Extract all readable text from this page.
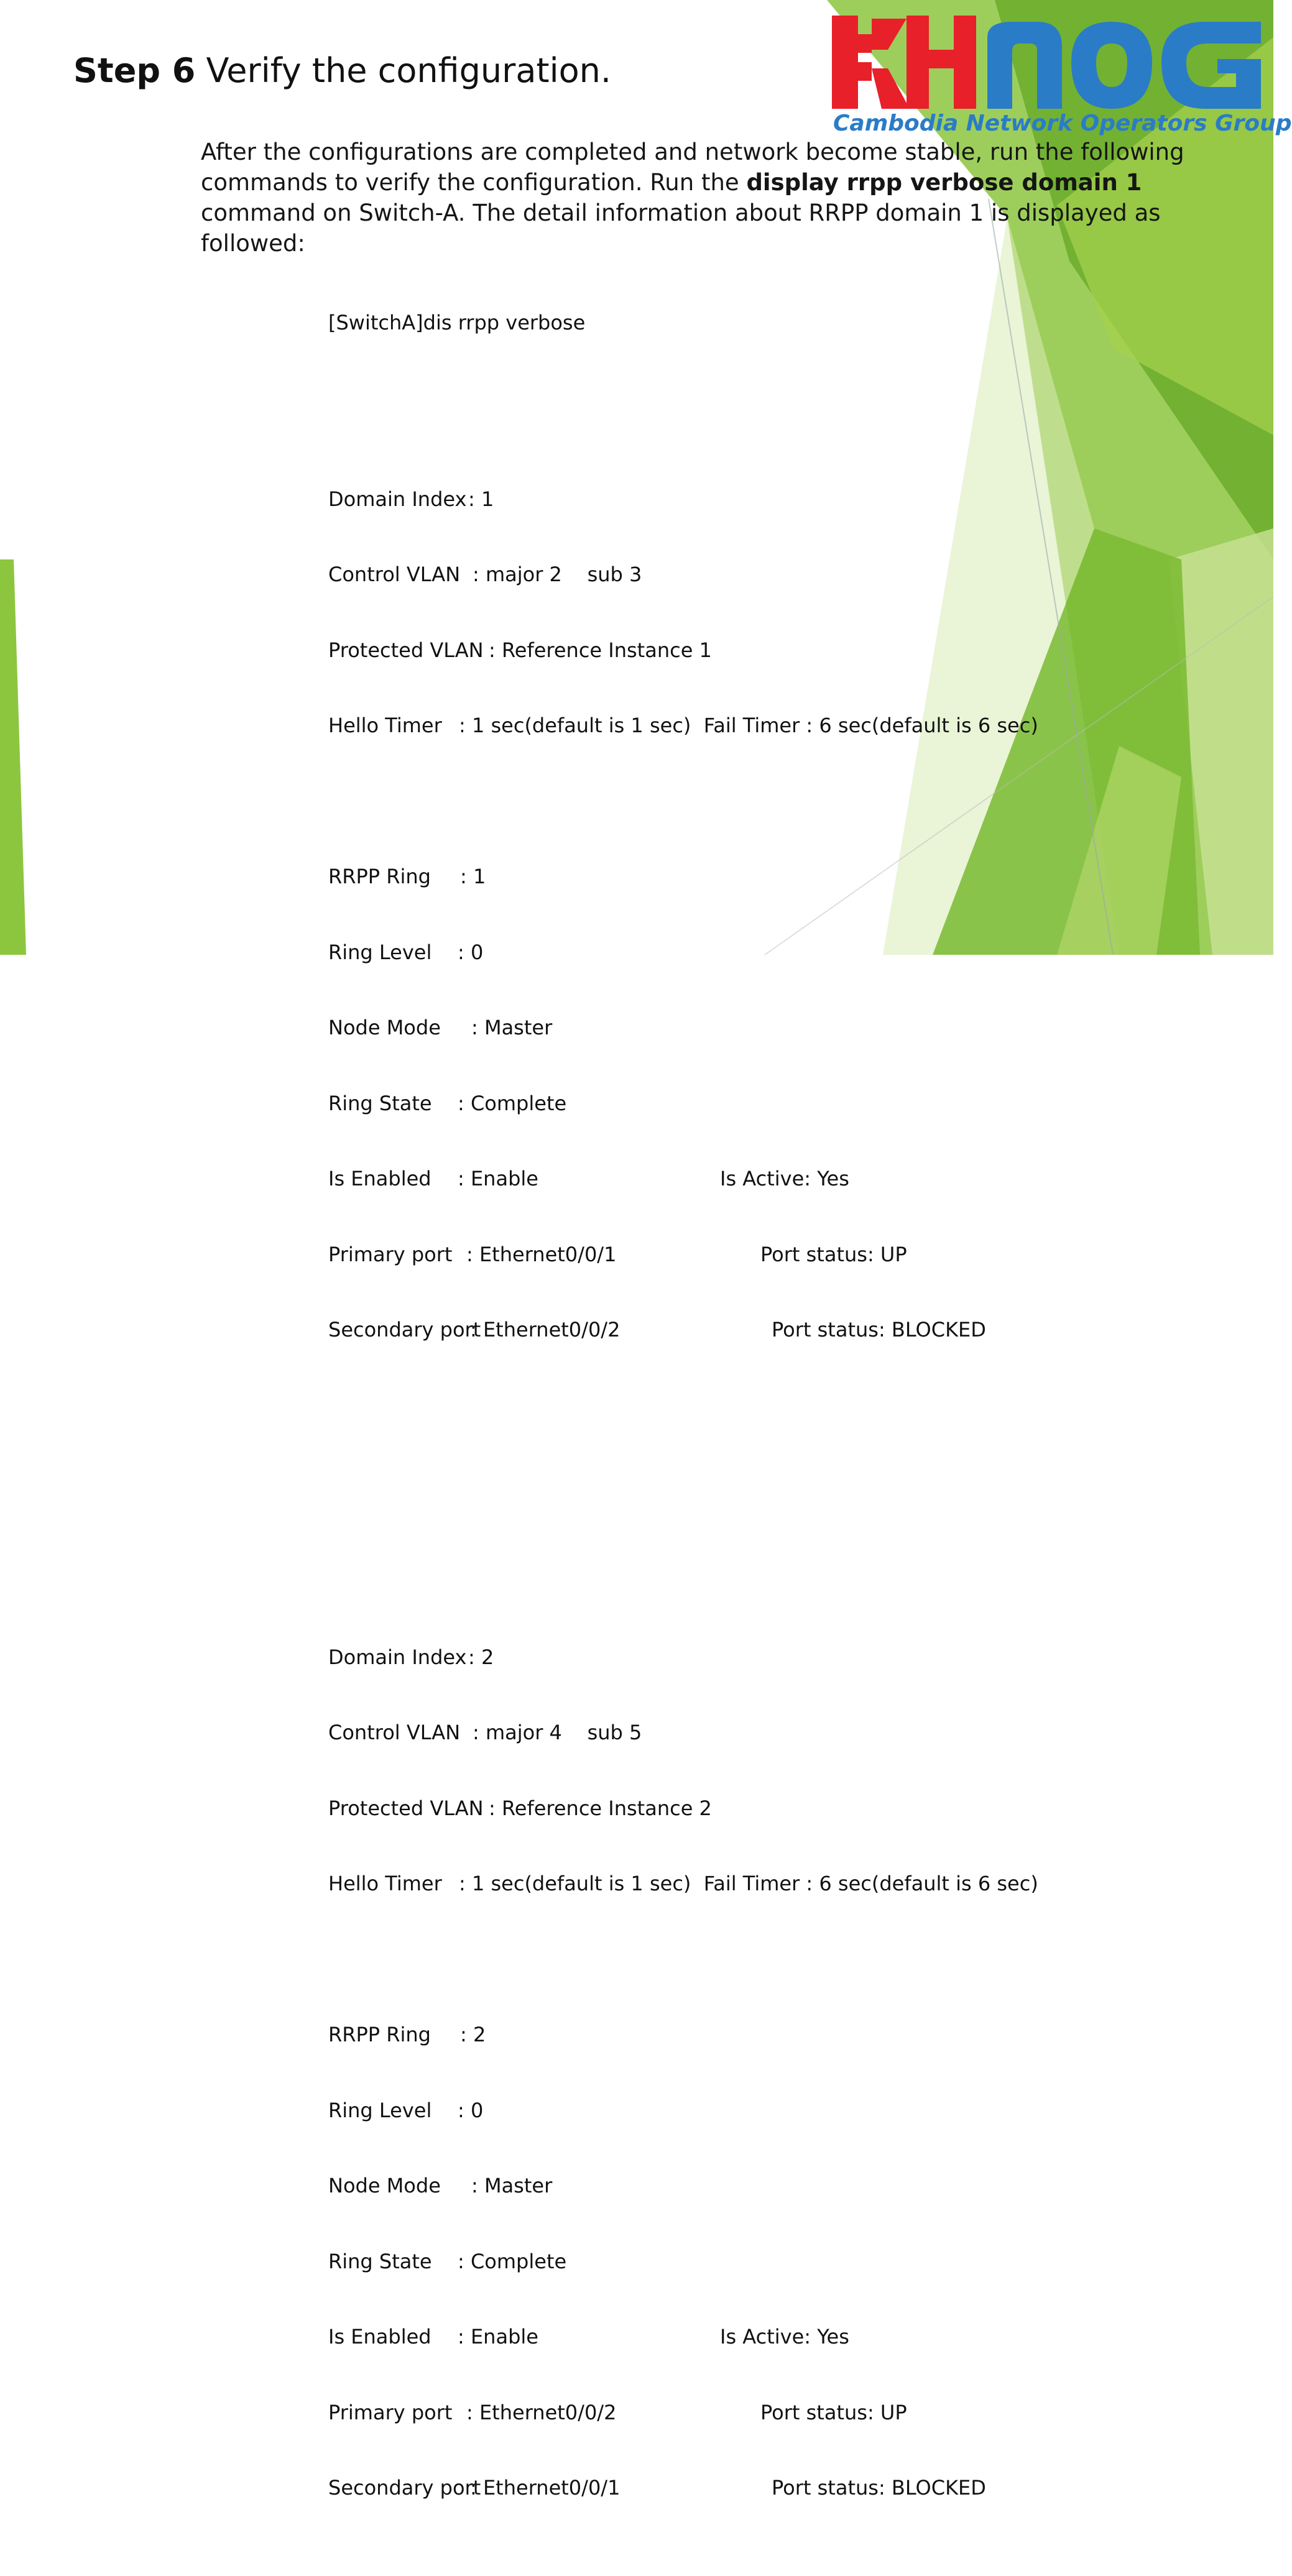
Cambodia Network Operators Group
Step 6 Verify the configuration.
After the configurations are completed and network become stable, run the following commands to verify the configuration. Run the display rrpp verbose domain 1 command on Switch-A. The detail information about RRPP domain 1 is displayed as followed:

[SwitchA]dis rrpp verbose

Domain Index : 1

Control VLAN : major 2    sub 3

Protected VLAN : Reference Instance 1

Hello Timer : 1 sec(default is 1 sec)  Fail Timer : 6 sec(default is 6 sec)

RRPP Ring : 1

Ring Level : 0

Node Mode : Master

Ring State : Complete

Is Enabled : Enable	Is Active: Yes

Primary port : Ethernet0/0/1	Port status: UP

Secondary port
: Ethernet0/0/2	Port status: BLOCKED

Domain Index : 2

Control VLAN : major 4    sub 5

Protected VLAN : Reference Instance 2

Hello Timer : 1 sec(default is 1 sec)  Fail Timer : 6 sec(default is 6 sec)

RRPP Ring : 2

Ring Level : 0

Node Mode : Master

Ring State : Complete

Is Enabled : Enable	Is Active: Yes

Primary port : Ethernet0/0/2	Port status: UP

Secondary port
: Ethernet0/0/1	Port status: BLOCKED
